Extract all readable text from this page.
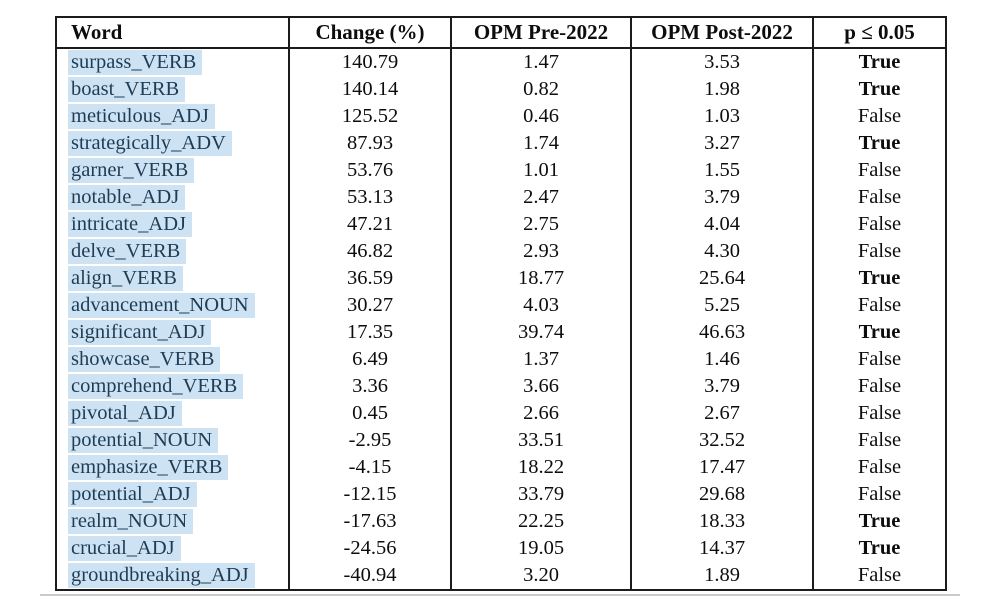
Word	Change (%)	OPM Pre-2022	OPM Post-2022	p ≤ 0.05
surpass_VERB	140.79	1.47	3.53	True
boast_VERB	140.14	0.82	1.98	True
meticulous_ADJ	125.52	0.46	1.03	False
strategically_ADV	87.93	1.74	3.27	True
garner_VERB	53.76	1.01	1.55	False
notable_ADJ	53.13	2.47	3.79	False
intricate_ADJ	47.21	2.75	4.04	False
delve_VERB	46.82	2.93	4.30	False
align_VERB	36.59	18.77	25.64	True
advancement_NOUN	30.27	4.03	5.25	False
significant_ADJ	17.35	39.74	46.63	True
showcase_VERB	6.49	1.37	1.46	False
comprehend_VERB	3.36	3.66	3.79	False
pivotal_ADJ	0.45	2.66	2.67	False
potential_NOUN	-2.95	33.51	32.52	False
emphasize_VERB	-4.15	18.22	17.47	False
potential_ADJ	-12.15	33.79	29.68	False
realm_NOUN	-17.63	22.25	18.33	True
crucial_ADJ	-24.56	19.05	14.37	True
groundbreaking_ADJ	-40.94	3.20	1.89	False
